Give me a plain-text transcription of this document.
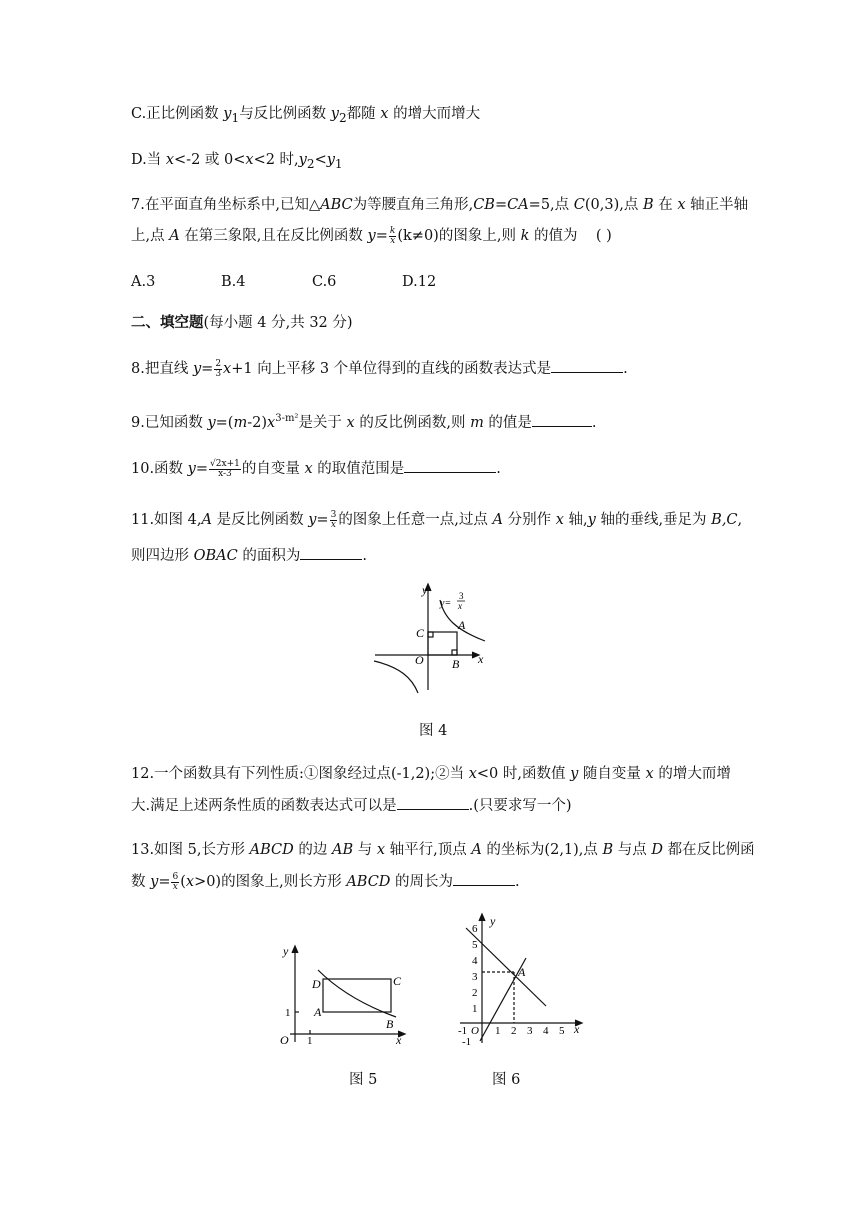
C.正比例函数 $y_1$与反比例函数 $y_2$都随 x 的增大而增大
D.当 x<-2 或 0<x<2 时$,y_2<y_1$
7.在平面直角坐标系中,已知△ABC为等腰直角三角形,CB=CA=5,点 C(0,3),点 B 在 x 轴正半轴
上,点 A 在第三象限,且在反比例函数 $y= \frac{k}{x} (k\ne 0)$的图象上,则 k 的值为 ( )
A.3	B.4	C.6	D.12
二、填空题(每小题 4 分,共 32 分)
8.把直线 $y= \frac{2}{3} x+1$ 向上平移 3 个单位得到的直线的函数表达式是	.
9.已知函数 $y=(m-2)x^{3-m^2}$是关于 x 的反比例函数,则 m 的值是	.
10.函数 $y= \frac{√2x+1}{x-3}$ 的自变量 x 的取值范围是	.
11.如图 4,A 是反比例函数 $y= \frac{3}{x}$ 的图象上任意一点,过点 A 分别作 x 轴,y 轴的垂线,垂足为 B,C,
则四边形 OBAC 的面积为	.
y
x
O
C
A
B
y=
3
x
图 4
12.一个函数具有下列性质:①图象经过点(-1,2);②当 x<0 时,函数值 y 随自变量 x 的增大而增
大.满足上述两条性质的函数表达式可以是	.(只要求写一个)
13.如图 5,长方形 ABCD 的边 AB 与 x 轴平行,顶点 A 的坐标为(2,1),点 B 与点 D 都在反比例函
数 $y= \frac{6}{x} (x>0)$的图象上,则长方形 ABCD 的周长为	.
y
x
O 1
1
D	C
A
B
图 5
y
x
O
A
-1	1 2 3 4 5
6
5
4
3
2
1
-1
图 6
